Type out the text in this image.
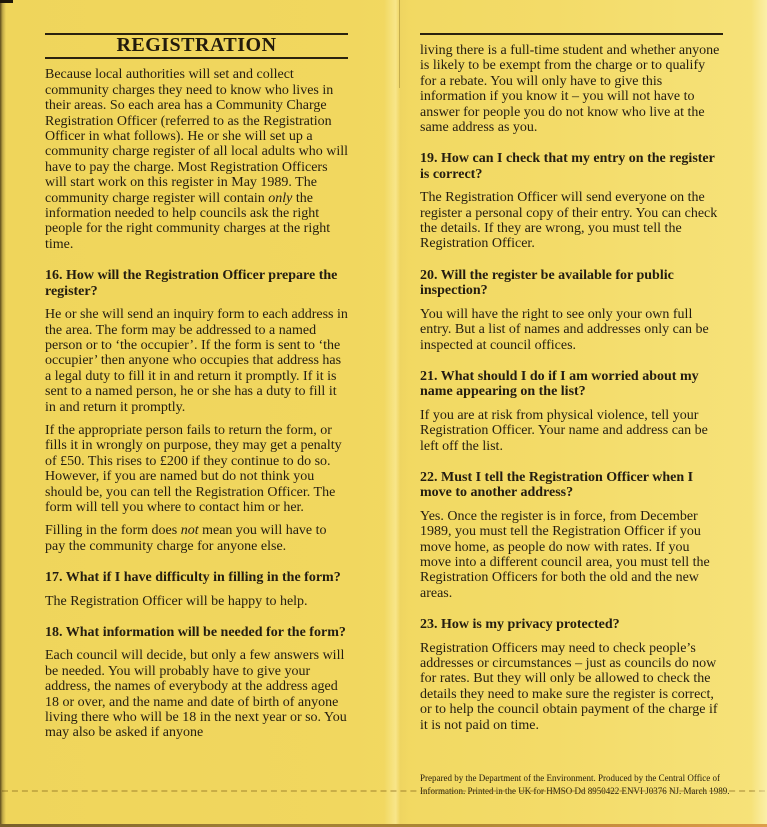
REGISTRATION

Because local authorities will set and collect community charges they need to know who lives in their areas. So each area has a Community Charge Registration Officer (referred to as the Registration Officer in what follows). He or she will set up a community charge register of all local adults who will have to pay the charge. Most Registration Officers will start work on this register in May 1989. The community charge register will contain only the information needed to help councils ask the right people for the right community charges at the right time.

16. How will the Registration Officer prepare the register?

He or she will send an inquiry form to each address in the area. The form may be addressed to a named person or to ‘the occupier’. If the form is sent to ‘the occupier’ then anyone who occupies that address has a legal duty to fill it in and return it promptly. If it is sent to a named person, he or she has a duty to fill it in and return it promptly.

If the appropriate person fails to return the form, or fills it in wrongly on purpose, they may get a penalty of £50. This rises to £200 if they continue to do so. However, if you are named but do not think you should be, you can tell the Registration Officer. The form will tell you where to contact him or her.

Filling in the form does not mean you will have to pay the community charge for anyone else.

17. What if I have difficulty in filling in the form?

The Registration Officer will be happy to help.

18. What information will be needed for the form?

Each council will decide, but only a few answers will be needed. You will probably have to give your address, the names of everybody at the address aged 18 or over, and the name and date of birth of anyone living there who will be 18 in the next year or so. You may also be asked if anyone

living there is a full-time student and whether anyone is likely to be exempt from the charge or to qualify for a rebate. You will only have to give this information if you know it – you will not have to answer for people you do not know who live at the same address as you.

19. How can I check that my entry on the register is correct?

The Registration Officer will send everyone on the register a personal copy of their entry. You can check the details. If they are wrong, you must tell the Registration Officer.

20. Will the register be available for public inspection?

You will have the right to see only your own full entry. But a list of names and addresses only can be inspected at council offices.

21. What should I do if I am worried about my name appearing on the list?

If you are at risk from physical violence, tell your Registration Officer. Your name and address can be left off the list.

22. Must I tell the Registration Officer when I move to another address?

Yes. Once the register is in force, from December 1989, you must tell the Registration Officer if you move home, as people do now with rates. If you move into a different council area, you must tell the Registration Officers for both the old and the new areas.

23. How is my privacy protected?

Registration Officers may need to check people’s addresses or circumstances – just as councils do now for rates. But they will only be allowed to check the details they need to make sure the register is correct, or to help the council obtain payment of the charge if it is not paid on time.

Prepared by the Department of the Environment. Produced by the Central Office of Information. Printed in the UK for HMSO Dd 8950422 ENVI J0376 NJ. March 1989.
